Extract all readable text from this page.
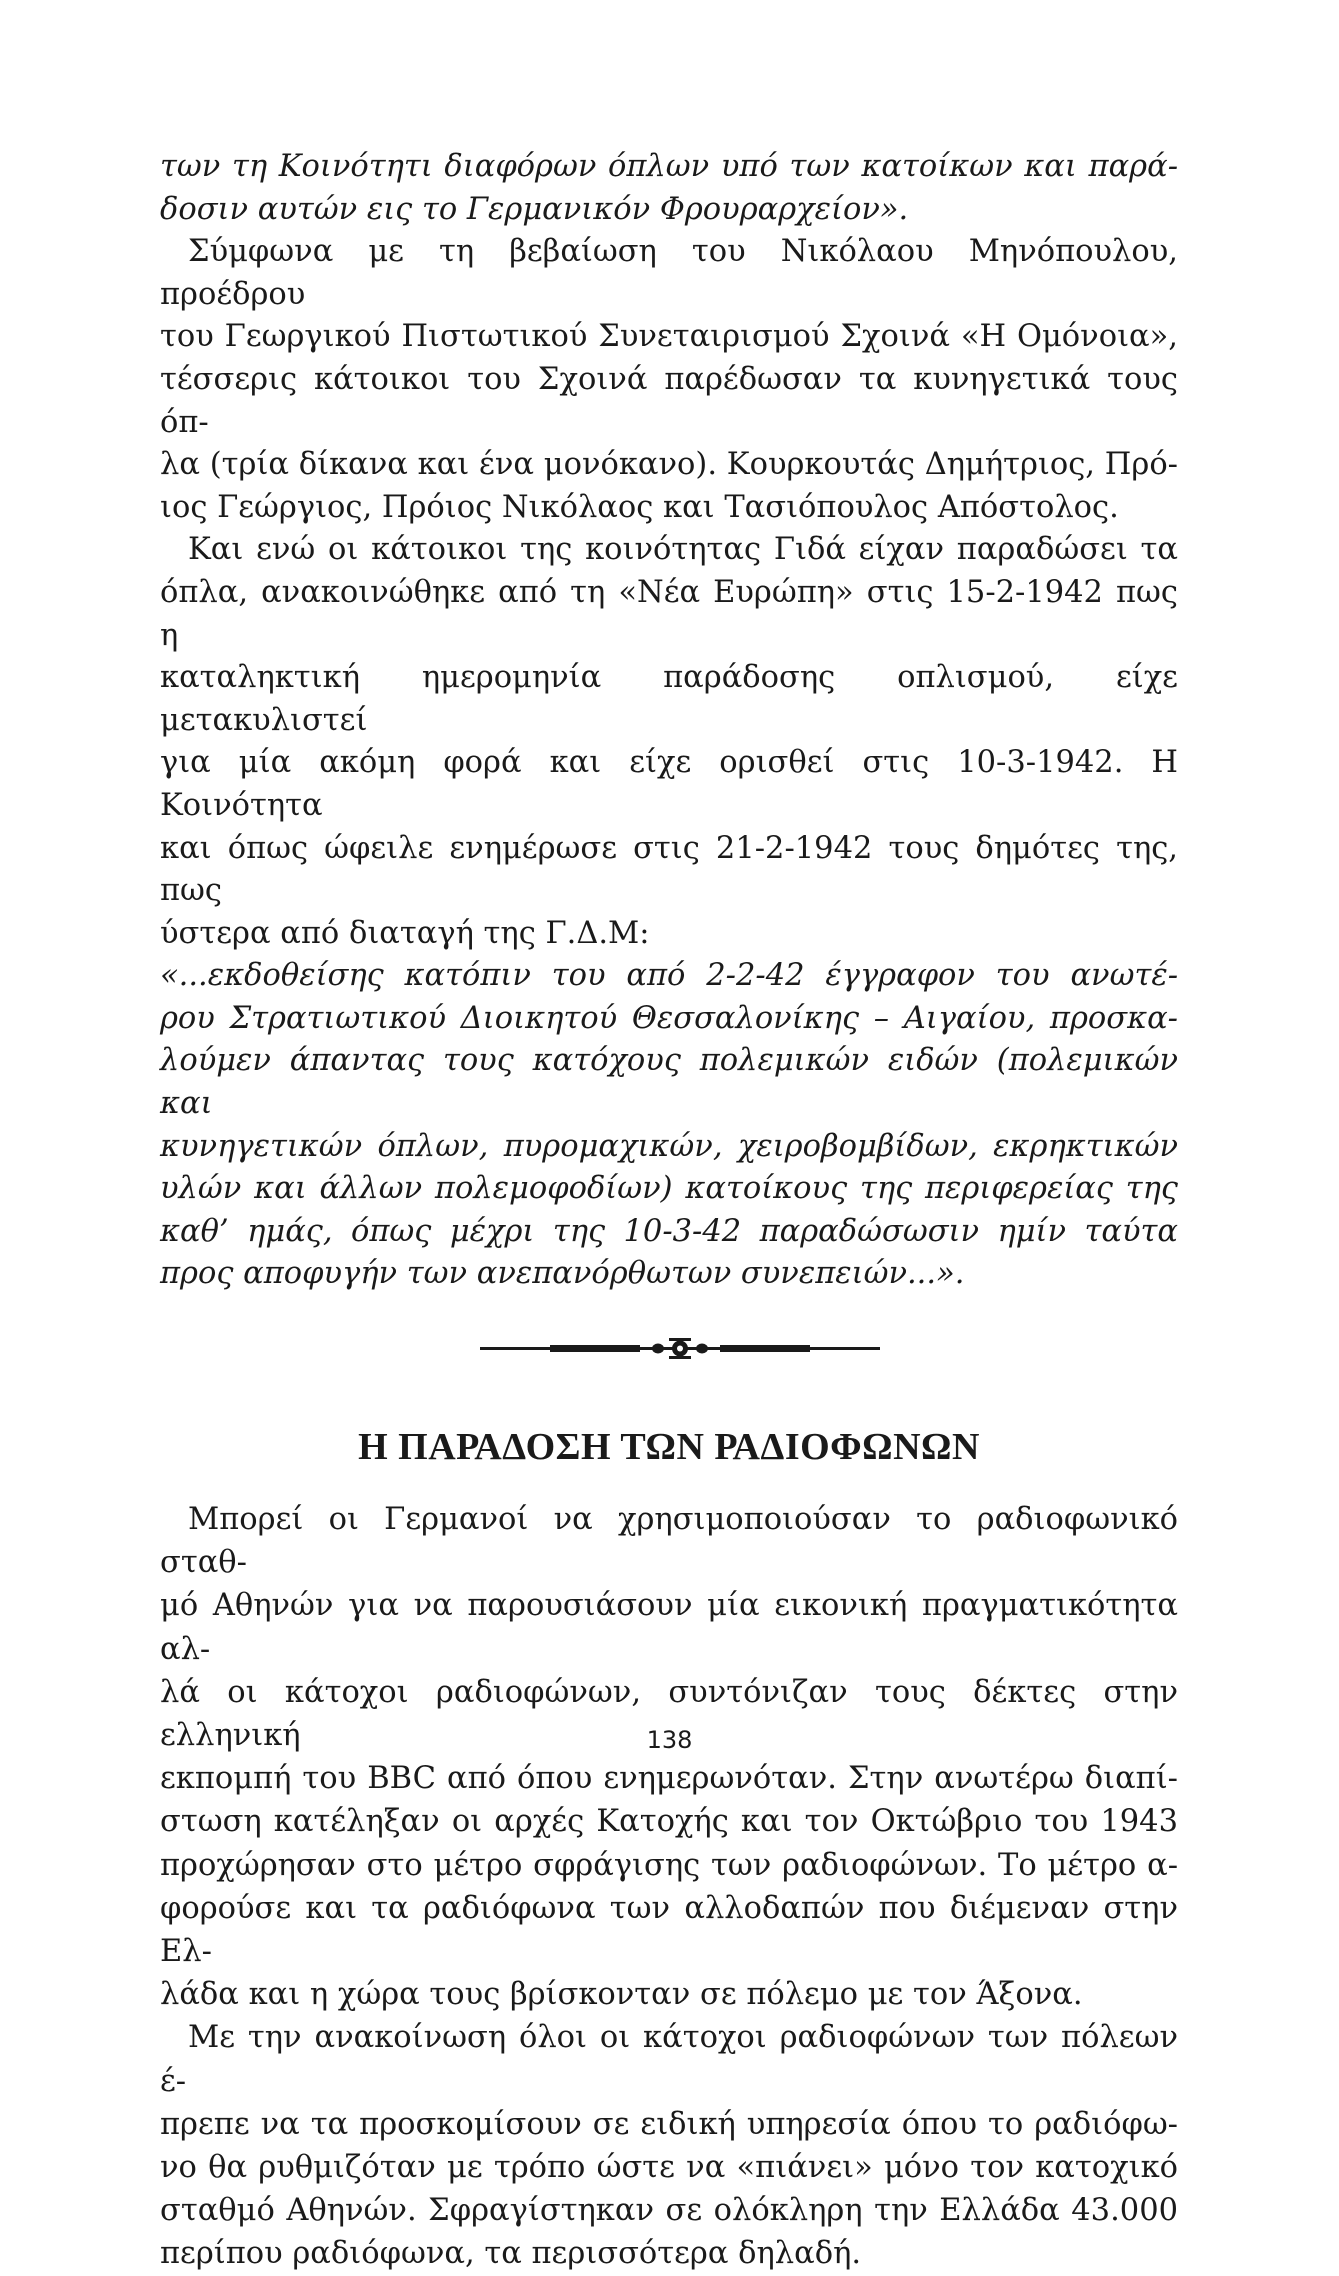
των τη Κοινότητι διαφόρων όπλων υπό των κατοίκων και παρά-
δοσιν αυτών εις το Γερμανικόν Φρουραρχείον».

Σύμφωνα με τη βεβαίωση του Νικόλαου Μηνόπουλου, προέδρου
του Γεωργικού Πιστωτικού Συνεταιρισμού Σχοινά «Η Ομόνοια»,
τέσσερις κάτοικοι του Σχοινά παρέδωσαν τα κυνηγετικά τους όπ-
λα (τρία δίκανα και ένα μονόκανο). Κουρκουτάς Δημήτριος, Πρό-
ιος Γεώργιος, Πρόιος Νικόλαος και Τασιόπουλος Απόστολος.

Και ενώ οι κάτοικοι της κοινότητας Γιδά είχαν παραδώσει τα
όπλα, ανακοινώθηκε από τη «Νέα Ευρώπη» στις 15-2-1942 πως η
καταληκτική ημερομηνία παράδοσης οπλισμού, είχε μετακυλιστεί
για μία ακόμη φορά και είχε ορισθεί στις 10-3-1942. Η Κοινότητα
και όπως ώφειλε ενημέρωσε στις 21-2-1942 τους δημότες της, πως
ύστερα από διαταγή της Γ.Δ.Μ:

«...εκδοθείσης κατόπιν του από 2-2-42 έγγραφον του ανωτέ-
ρου Στρατιωτικού Διοικητού Θεσσαλονίκης – Αιγαίου, προσκα-
λούμεν άπαντας τους κατόχους πολεμικών ειδών (πολεμικών και
κυνηγετικών όπλων, πυρομαχικών, χειροβομβίδων, εκρηκτικών
υλών και άλλων πολεμοφοδίων) κατοίκους της περιφερείας της
καθ’ ημάς, όπως μέχρι της 10-3-42 παραδώσωσιν ημίν ταύτα
προς αποφυγήν των ανεπανόρθωτων συνεπειών...».

Η ΠΑΡΑΔΟΣΗ ΤΩΝ ΡΑΔΙΟΦΩΝΩΝ

Μπορεί οι Γερμανοί να χρησιμοποιούσαν το ραδιοφωνικό σταθ-
μό Αθηνών για να παρουσιάσουν μία εικονική πραγματικότητα αλ-
λά οι κάτοχοι ραδιοφώνων, συντόνιζαν τους δέκτες στην ελληνική
εκπομπή του BBC από όπου ενημερωνόταν. Στην ανωτέρω διαπί-
στωση κατέληξαν οι αρχές Κατοχής και τον Οκτώβριο του 1943
προχώρησαν στο μέτρο σφράγισης των ραδιοφώνων. Το μέτρο α-
φορούσε και τα ραδιόφωνα των αλλοδαπών που διέμεναν στην Ελ-
λάδα και η χώρα τους βρίσκονταν σε πόλεμο με τον Άξονα.

Με την ανακοίνωση όλοι οι κάτοχοι ραδιοφώνων των πόλεων έ-
πρεπε να τα προσκομίσουν σε ειδική υπηρεσία όπου το ραδιόφω-
νο θα ρυθμιζόταν με τρόπο ώστε να «πιάνει» μόνο τον κατοχικό
σταθμό Αθηνών. Σφραγίστηκαν σε ολόκληρη την Ελλάδα 43.000
περίπου ραδιόφωνα, τα περισσότερα δηλαδή.

138
